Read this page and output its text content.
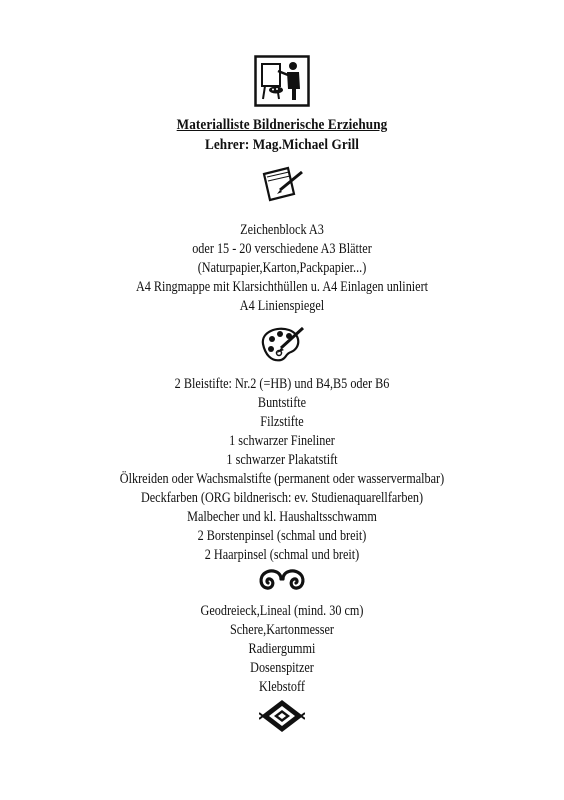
Materialliste Bildnerische Erziehung
Lehrer: Mag.Michael Grill
Zeichenblock A3
oder 15 - 20 verschiedene A3 Blätter
(Naturpapier,Karton,Packpapier...)
A4 Ringmappe mit Klarsichthüllen u. A4 Einlagen unliniert
A4 Linienspiegel
2 Bleistifte: Nr.2 (=HB) und B4,B5 oder B6
Buntstifte
Filzstifte
1 schwarzer Fineliner
1 schwarzer Plakatstift
Ölkreiden oder Wachsmalstifte (permanent oder wasservermalbar)
Deckfarben (ORG bildnerisch: ev. Studienaquarellfarben)
Malbecher und kl. Haushaltsschwamm
2 Borstenpinsel (schmal und breit)
2 Haarpinsel (schmal und breit)
Geodreieck,Lineal (mind. 30 cm)
Schere,Kartonmesser
Radiergummi
Dosenspitzer
Klebstoff
